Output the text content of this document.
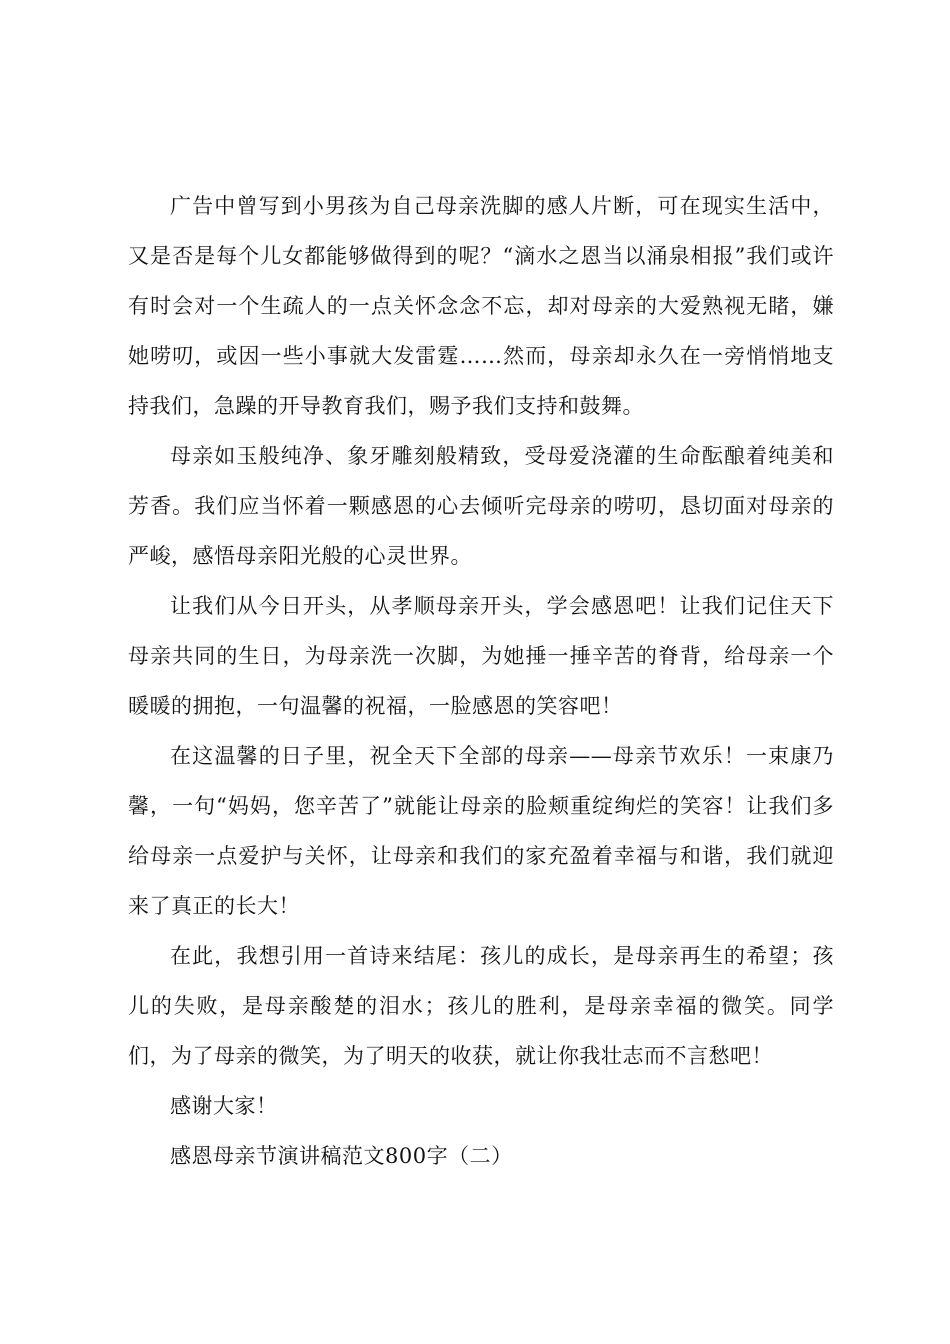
广告中曾写到小男孩为自己母亲洗脚的感人片断，可在现实生活中，又是否是每个儿女都能够做得到的呢？“滴水之恩当以涌泉相报”我们或许有时会对一个生疏人的一点关怀念念不忘，却对母亲的大爱熟视无睹，嫌她唠叨，或因一些小事就大发雷霆……然而，母亲却永久在一旁悄悄地支持我们，急躁的开导教育我们，赐予我们支持和鼓舞。

母亲如玉般纯净、象牙雕刻般精致，受母爱浇灌的生命酝酿着纯美和芳香。我们应当怀着一颗感恩的心去倾听完母亲的唠叨，恳切面对母亲的严峻，感悟母亲阳光般的心灵世界。

让我们从今日开头，从孝顺母亲开头，学会感恩吧！让我们记住天下母亲共同的生日，为母亲洗一次脚，为她捶一捶辛苦的脊背，给母亲一个暖暖的拥抱，一句温馨的祝福，一脸感恩的笑容吧！

在这温馨的日子里，祝全天下全部的母亲——母亲节欢乐！一束康乃馨，一句“妈妈，您辛苦了”就能让母亲的脸颊重绽绚烂的笑容！让我们多给母亲一点爱护与关怀，让母亲和我们的家充盈着幸福与和谐，我们就迎来了真正的长大！

在此，我想引用一首诗来结尾：孩儿的成长，是母亲再生的希望；孩儿的失败，是母亲酸楚的泪水；孩儿的胜利，是母亲幸福的微笑。同学们，为了母亲的微笑，为了明天的收获，就让你我壮志而不言愁吧！

感谢大家！

感恩母亲节演讲稿范文800字（二）
